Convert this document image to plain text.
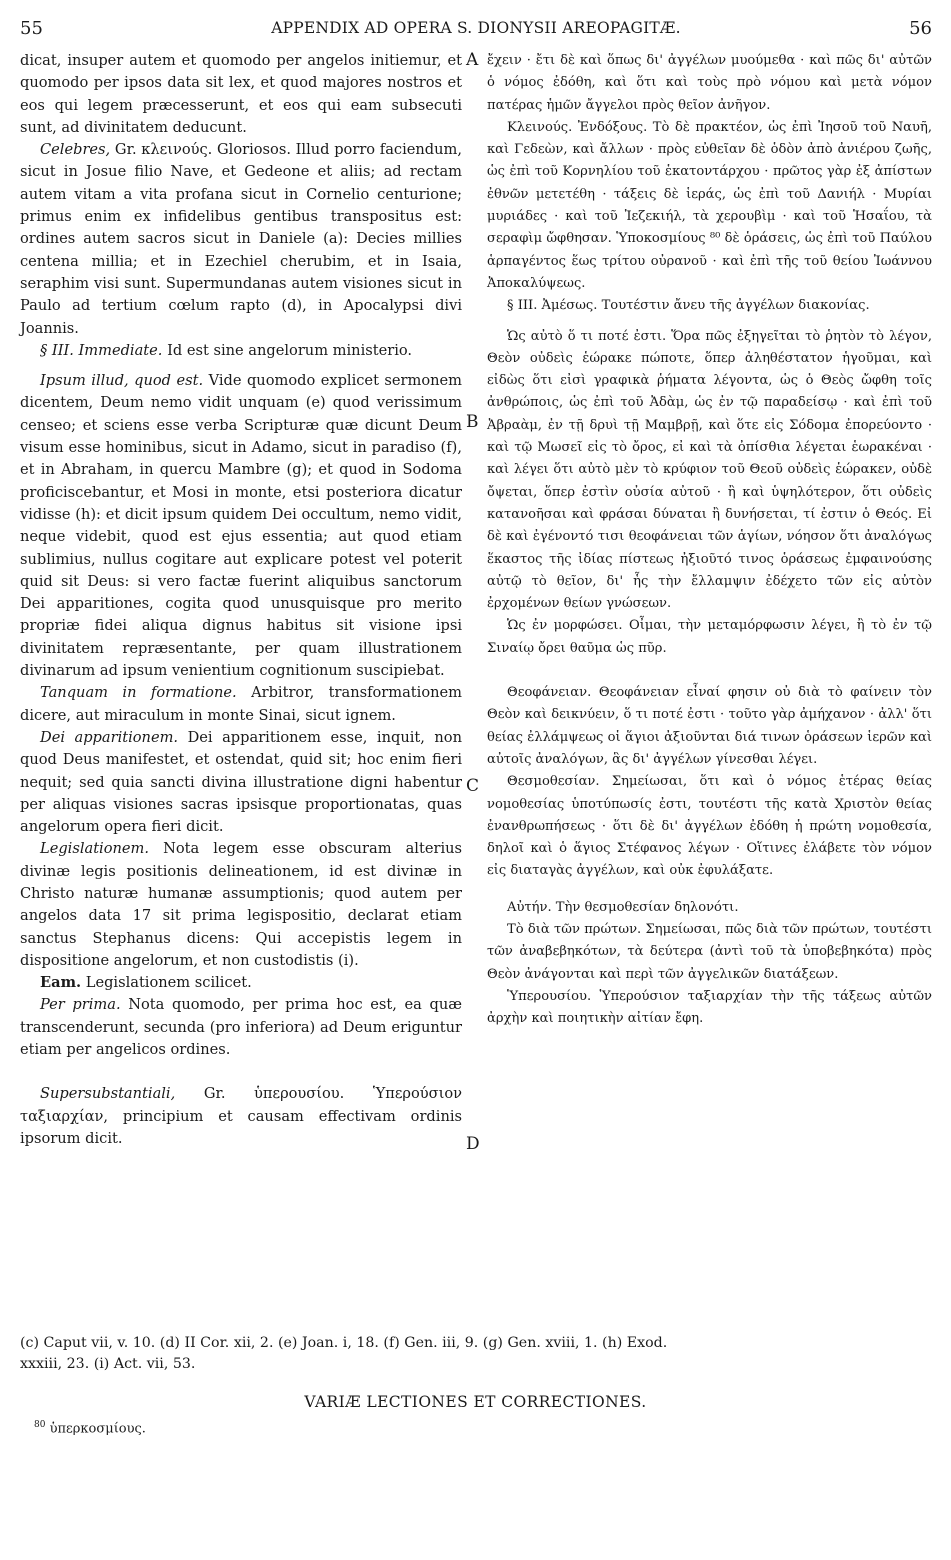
55	APPENDIX AD OPERA S. DIONYSII AREOPAGITÆ.	56

dicat, insuper autem et quomodo per angelos initiemur, et quomodo per ipsos data sit lex, et quod majores nostros et eos qui legem præcesserunt, et eos qui eam subsecuti sunt, ad divinitatem deducunt.

Celebres, Gr. κλεινούς. Gloriosos. Illud porro faciendum, sicut in Josue filio Nave, et Gedeone et aliis; ad rectam autem vitam a vita profana sicut in Cornelio centurione; primus enim ex infidelibus gentibus transpositus est: ordines autem sacros sicut in Daniele (a): Decies millies centena millia; et in Ezechiel cherubim, et in Isaia, seraphim visi sunt. Supermundanas autem visiones sicut in Paulo ad tertium cœlum rapto (d), in Apocalypsi divi Joannis.

§ III. Immediate. Id est sine angelorum ministerio.

Ipsum illud, quod est. Vide quomodo explicet sermonem dicentem, Deum nemo vidit unquam (e) quod verissimum censeo; et sciens esse verba Scripturæ quæ dicunt Deum visum esse hominibus, sicut in Adamo, sicut in paradiso (f), et in Abraham, in quercu Mambre (g); et quod in Sodoma proficiscebantur, et Mosi in monte, etsi posteriora dicatur vidisse (h): et dicit ipsum quidem Dei occultum, nemo vidit, neque videbit, quod est ejus essentia; aut quod etiam sublimius, nullus cogitare aut explicare potest vel poterit quid sit Deus: si vero factæ fuerint aliquibus sanctorum Dei apparitiones, cogita quod unusquisque pro merito propriæ fidei aliqua dignus habitus sit visione ipsi divinitatem repræsentante, per quam illustrationem divinarum ad ipsum venientium cognitionum suscipiebat.

Tanquam in formatione. Arbitror, transformationem dicere, aut miraculum in monte Sinai, sicut ignem.

Dei apparitionem. Dei apparitionem esse, inquit, non quod Deus manifestet, et ostendat, quid sit; hoc enim fieri nequit; sed quia sancti divina illustratione digni habentur per aliquas visiones sacras ipsisque proportionatas, quas angelorum opera fieri dicit.

Legislationem. Nota legem esse obscuram alterius divinæ legis positionis delineationem, id est divinæ in Christo naturæ humanæ assumptionis; quod autem per angelos data 17 sit prima legispositio, declarat etiam sanctus Stephanus dicens: Qui accepistis legem in dispositione angelorum, et non custodistis (i).

Eam. Legislationem scilicet.

Per prima. Nota quomodo, per prima hoc est, ea quæ transcenderunt, secunda (pro inferiora) ad Deum eriguntur etiam per angelicos ordines.

Supersubstantiali, Gr. ὑπερουσίου. Ὑπερούσιον ταξιαρχίαν, principium et causam effectivam ordinis ipsorum dicit.

A
B
C
D

ἔχειν · ἔτι δὲ καὶ ὅπως δι' ἀγγέλων μυούμεθα · καὶ πῶς δι' αὐτῶν ὁ νόμος ἐδόθη, καὶ ὅτι καὶ τοὺς πρὸ νόμου καὶ μετὰ νόμον πατέρας ἡμῶν ἄγγελοι πρὸς θεῖον ἀνῆγον.

Κλεινούς. Ἐνδόξους. Τὸ δὲ πρακτέον, ὡς ἐπὶ Ἰησοῦ τοῦ Ναυῆ, καὶ Γεδεὼν, καὶ ἄλλων · πρὸς εὐθεῖαν δὲ ὁδὸν ἀπὸ ἀνιέρου ζωῆς, ὡς ἐπὶ τοῦ Κορνηλίου τοῦ ἑκατοντάρχου · πρῶτος γὰρ ἐξ ἀπίστων ἐθνῶν μετετέθη · τάξεις δὲ ἱεράς, ὡς ἐπὶ τοῦ Δανιήλ · Μυρίαι μυριάδες · καὶ τοῦ Ἰεζεκιήλ, τὰ χερουβὶμ · καὶ τοῦ Ἡσαΐου, τὰ σεραφὶμ ὤφθησαν. Ὑποκοσμίους ⁸⁰ δὲ ὁράσεις, ὡς ἐπὶ τοῦ Παύλου ἁρπαγέντος ἕως τρίτου οὐρανοῦ · καὶ ἐπὶ τῆς τοῦ θείου Ἰωάννου Ἀποκαλύψεως.

§ III. Ἀμέσως. Τουτέστιν ἄνευ τῆς ἀγγέλων διακονίας.

Ὡς αὐτὸ ὅ τι ποτέ ἐστι. Ὅρα πῶς ἐξηγεῖται τὸ ῥητὸν τὸ λέγον, Θεὸν οὐδεὶς ἑώρακε πώποτε, ὅπερ ἀληθέστατον ἡγοῦμαι, καὶ εἰδὼς ὅτι εἰσὶ γραφικὰ ῥήματα λέγοντα, ὡς ὁ Θεὸς ὤφθη τοῖς ἀνθρώποις, ὡς ἐπὶ τοῦ Ἀδὰμ, ὡς ἐν τῷ παραδείσῳ · καὶ ἐπὶ τοῦ Ἀβραὰμ, ἐν τῇ δρυὶ τῇ Μαμβρῇ, καὶ ὅτε εἰς Σόδομα ἐπορεύοντο · καὶ τῷ Μωσεῖ εἰς τὸ ὄρος, εἰ καὶ τὰ ὀπίσθια λέγεται ἑωρακέναι · καὶ λέγει ὅτι αὐτὸ μὲν τὸ κρύφιον τοῦ Θεοῦ οὐδεὶς ἑώρακεν, οὐδὲ ὄψεται, ὅπερ ἐστὶν οὐσία αὐτοῦ · ἢ καὶ ὑψηλότερον, ὅτι οὐδεὶς κατανοῆσαι καὶ φράσαι δύναται ἢ δυνήσεται, τί ἐστιν ὁ Θεός. Εἰ δὲ καὶ ἐγένοντό τισι θεοφάνειαι τῶν ἁγίων, νόησον ὅτι ἀναλόγως ἕκαστος τῆς ἰδίας πίστεως ἠξιοῦτό τινος ὁράσεως ἐμφαινούσης αὐτῷ τὸ θεῖον, δι' ἧς τὴν ἔλλαμψιν ἐδέχετο τῶν εἰς αὐτὸν ἐρχομένων θείων γνώσεων.

Ὡς ἐν μορφώσει. Οἶμαι, τὴν μεταμόρφωσιν λέγει, ἢ τὸ ἐν τῷ Σιναίῳ ὄρει θαῦμα ὡς πῦρ.

Θεοφάνειαν. Θεοφάνειαν εἶναί φησιν οὐ διὰ τὸ φαίνειν τὸν Θεὸν καὶ δεικνύειν, ὅ τι ποτέ ἐστι · τοῦτο γὰρ ἀμήχανον · ἀλλ' ὅτι θείας ἐλλάμψεως οἱ ἅγιοι ἀξιοῦνται διά τινων ὁράσεων ἱερῶν καὶ αὐτοῖς ἀναλόγων, ἃς δι' ἀγγέλων γίνεσθαι λέγει.

Θεσμοθεσίαν. Σημείωσαι, ὅτι καὶ ὁ νόμος ἑτέρας θείας νομοθεσίας ὑποτύπωσίς ἐστι, τουτέστι τῆς κατὰ Χριστὸν θείας ἐνανθρωπήσεως · ὅτι δὲ δι' ἀγγέλων ἐδόθη ἡ πρώτη νομοθεσία, δηλοῖ καὶ ὁ ἅγιος Στέφανος λέγων · Οἵτινες ἐλάβετε τὸν νόμον εἰς διαταγὰς ἀγγέλων, καὶ οὐκ ἐφυλάξατε.

Αὐτήν. Τὴν θεσμοθεσίαν δηλονότι.

Τὸ διὰ τῶν πρώτων. Σημείωσαι, πῶς διὰ τῶν πρώτων, τουτέστι τῶν ἀναβεβηκότων, τὰ δεύτερα (ἀντὶ τοῦ τὰ ὑποβεβηκότα) πρὸς Θεὸν ἀνάγονται καὶ περὶ τῶν ἀγγελικῶν διατάξεων.

Ὑπερουσίου. Ὑπερούσιον ταξιαρχίαν τὴν τῆς τάξεως αὐτῶν ἀρχὴν καὶ ποιητικὴν αἰτίαν ἔφη.

(c) Caput vii, v. 10. (d) II Cor. xii, 2. (e) Joan. i, 18. (f) Gen. iii, 9. (g) Gen. xviii, 1. (h) Exod.

xxxiii, 23. (i) Act. vii, 53.

VARIÆ LECTIONES ET CORRECTIONES.
$^{80}$ ὑπερκοσμίους.
